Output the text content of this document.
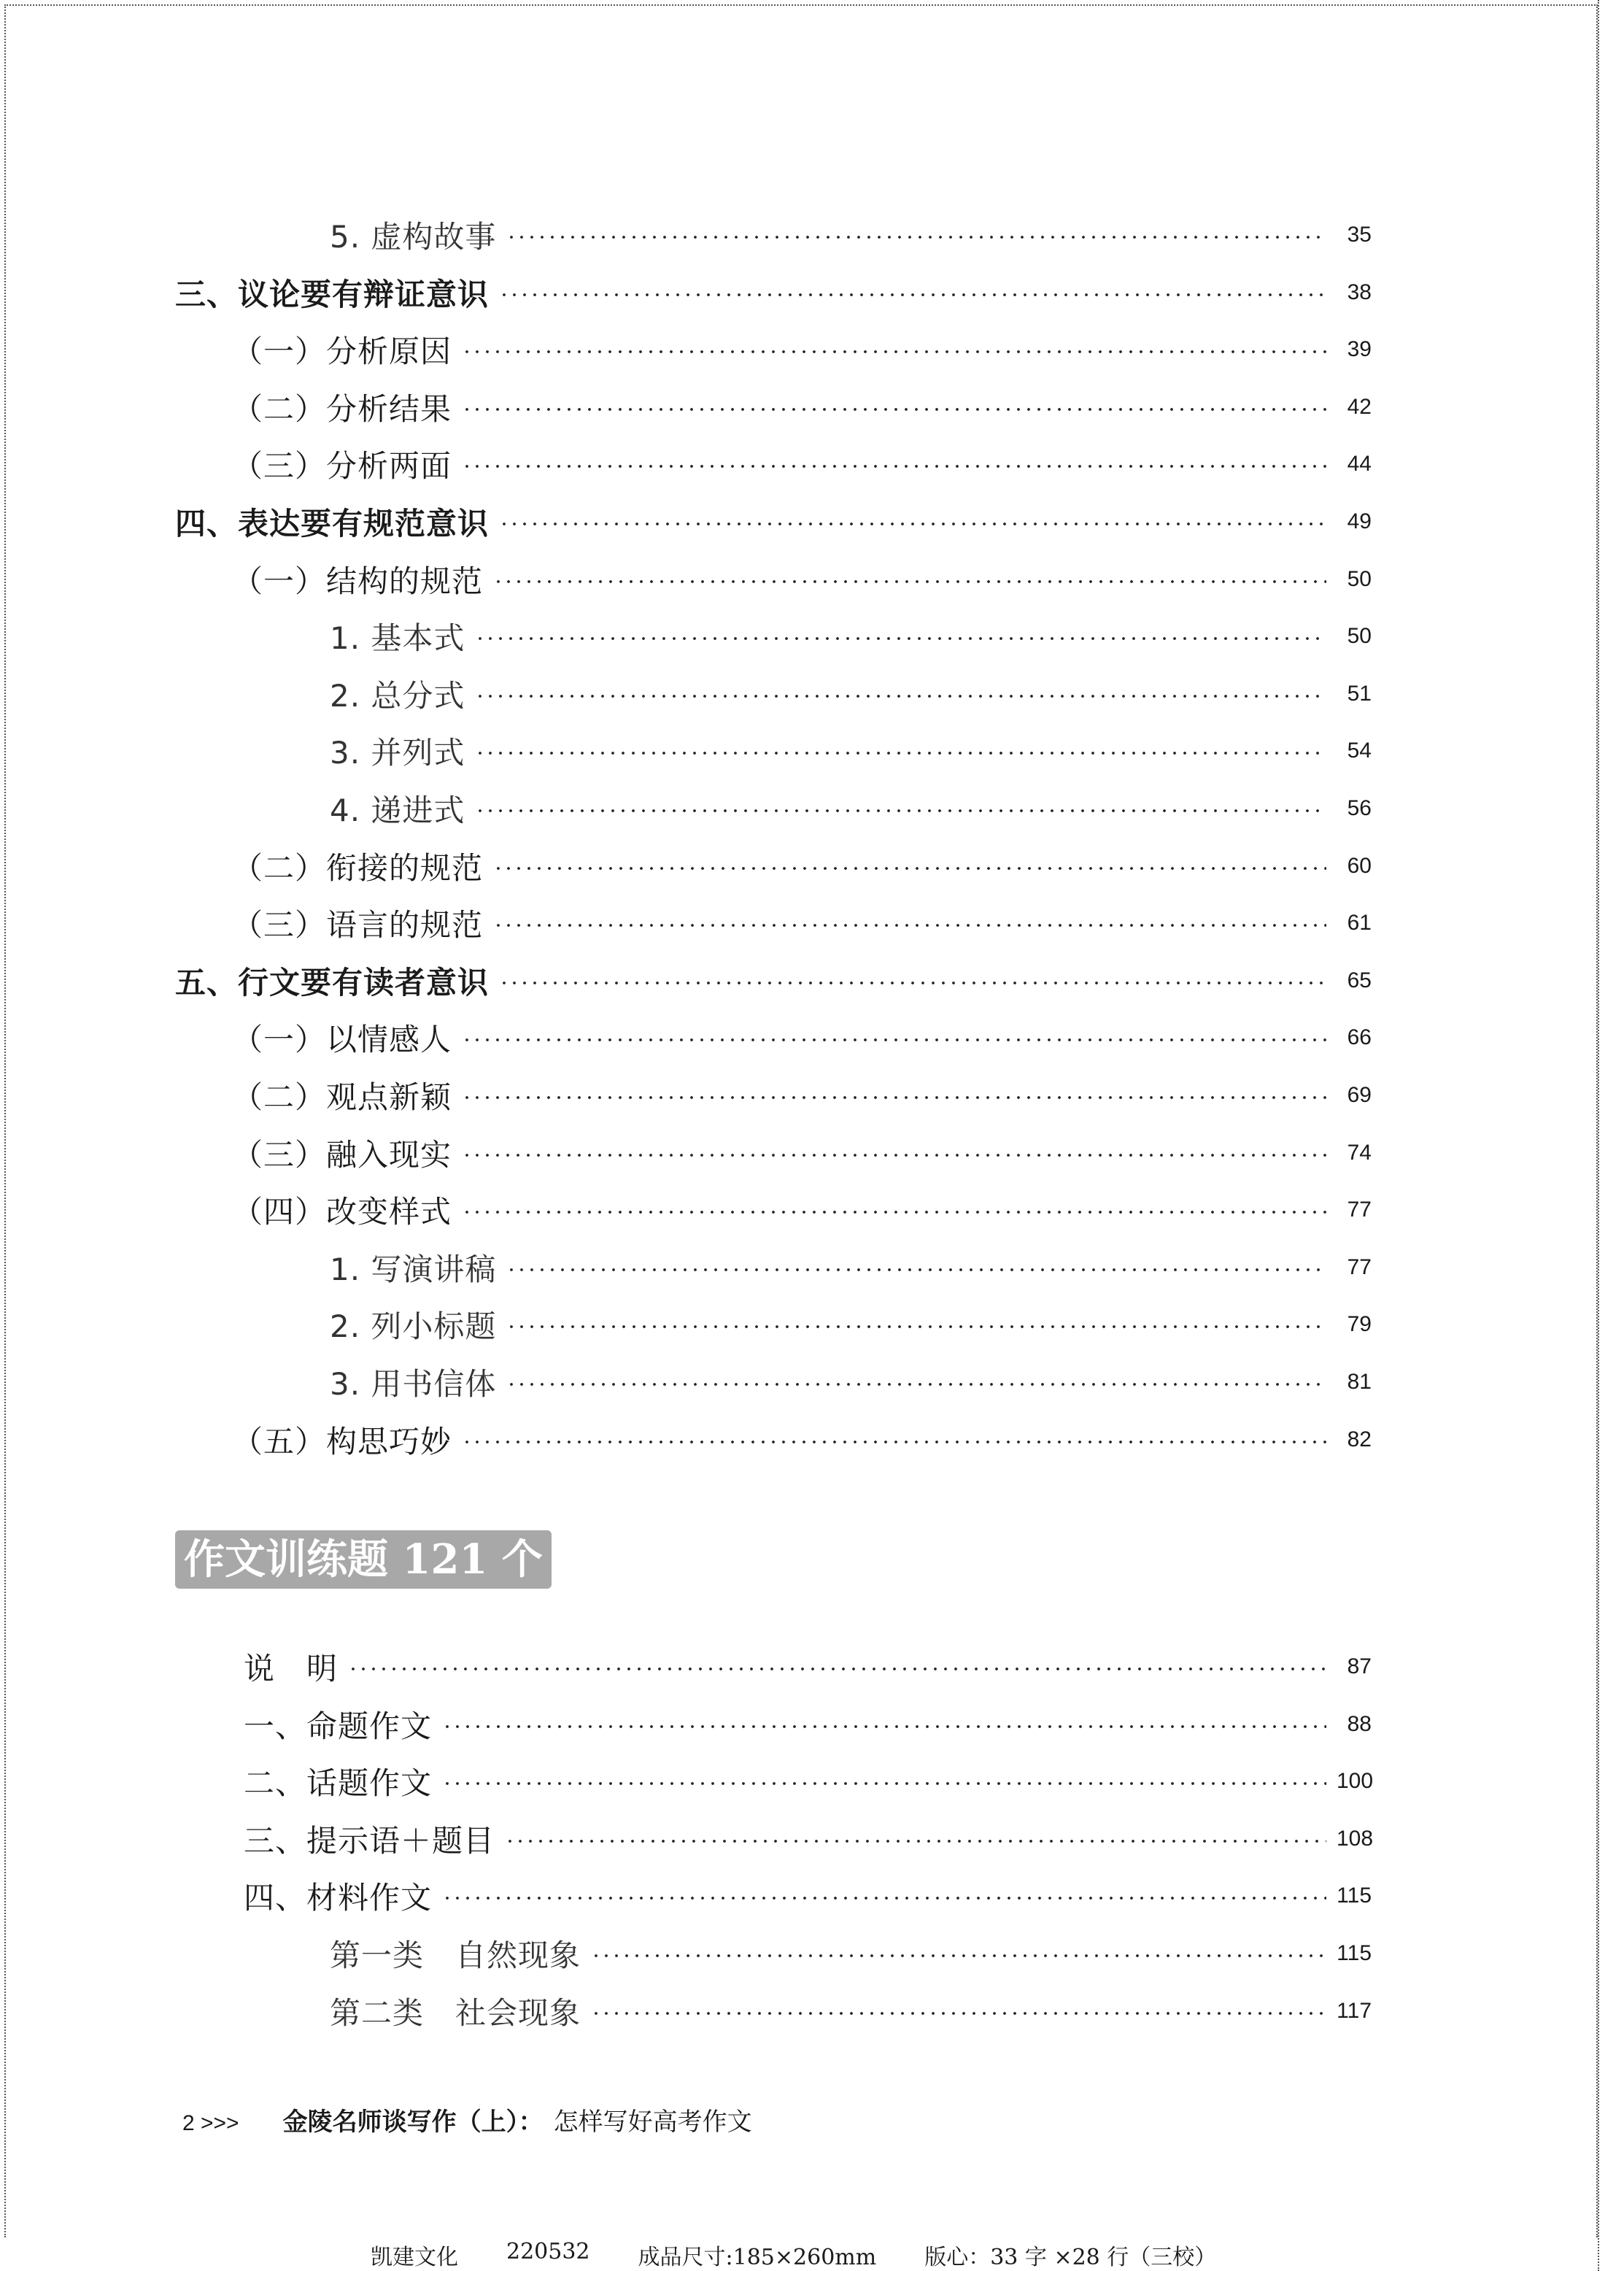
5. 虚构故事	35
三、议论要有辩证意识	38
（一）分析原因	39
（二）分析结果	42
（三）分析两面	44
四、表达要有规范意识	49
（一）结构的规范	50
1. 基本式	50
2. 总分式	51
3. 并列式	54
4. 递进式	56
（二）衔接的规范	60
（三）语言的规范	61
五、行文要有读者意识	65
（一）以情感人	66
（二）观点新颖	69
（三）融入现实	74
（四）改变样式	77
1. 写演讲稿	77
2. 列小标题	79
3. 用书信体	81
（五）构思巧妙	82
作文训练题 121 个
说　明	87
一、命题作文	88
二、话题作文	100
三、提示语＋题目	108
四、材料作文	115
第一类　自然现象	115
第二类　社会现象	117
2 >>> 金陵名师谈写作（上）： 怎样写好高考作文
凯建文化 220532 成品尺寸:185×260mm 版心：33 字 ×28 行（三校）
